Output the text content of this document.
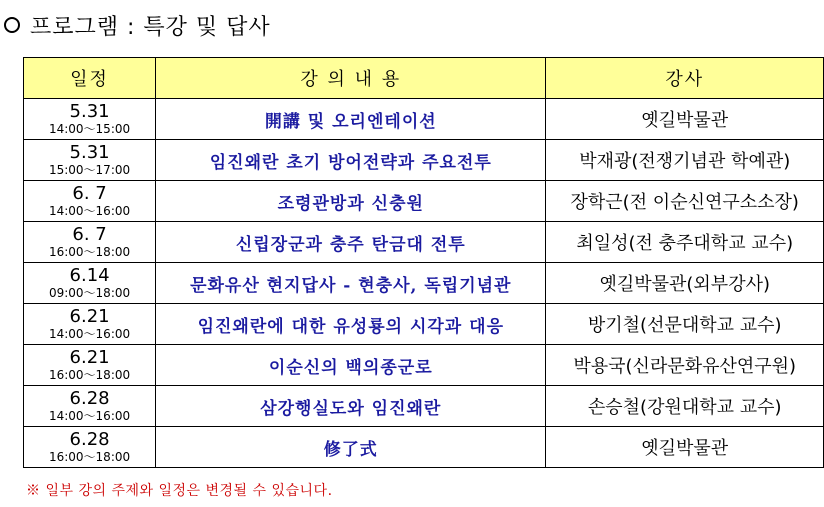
프로그램 : 특강 및 답사
일정	강 의 내 용	강사

5.31
14:00～15:00	開講 및 오리엔테이션	옛길박물관

5.31
15:00～17:00	임진왜란 초기 방어전략과 주요전투	박재광(전쟁기념관 학예관)

6. 7
14:00～16:00	조령관방과 신충원	장학근(전 이순신연구소소장)

6. 7
16:00～18:00	신립장군과 충주 탄금대 전투	최일성(전 충주대학교 교수)

6.14
09:00～18:00	문화유산 현지답사 - 현충사, 독립기념관	옛길박물관(외부강사)

6.21
14:00～16:00	임진왜란에 대한 유성룡의 시각과 대응	방기철(선문대학교 교수)

6.21
16:00～18:00	이순신의 백의종군로	박용국(신라문화유산연구원)

6.28
14:00～16:00	삼강행실도와 임진왜란	손승철(강원대학교 교수)

6.28
16:00～18:00	修了式	옛길박물관
※ 일부 강의 주제와 일정은 변경될 수 있습니다.
